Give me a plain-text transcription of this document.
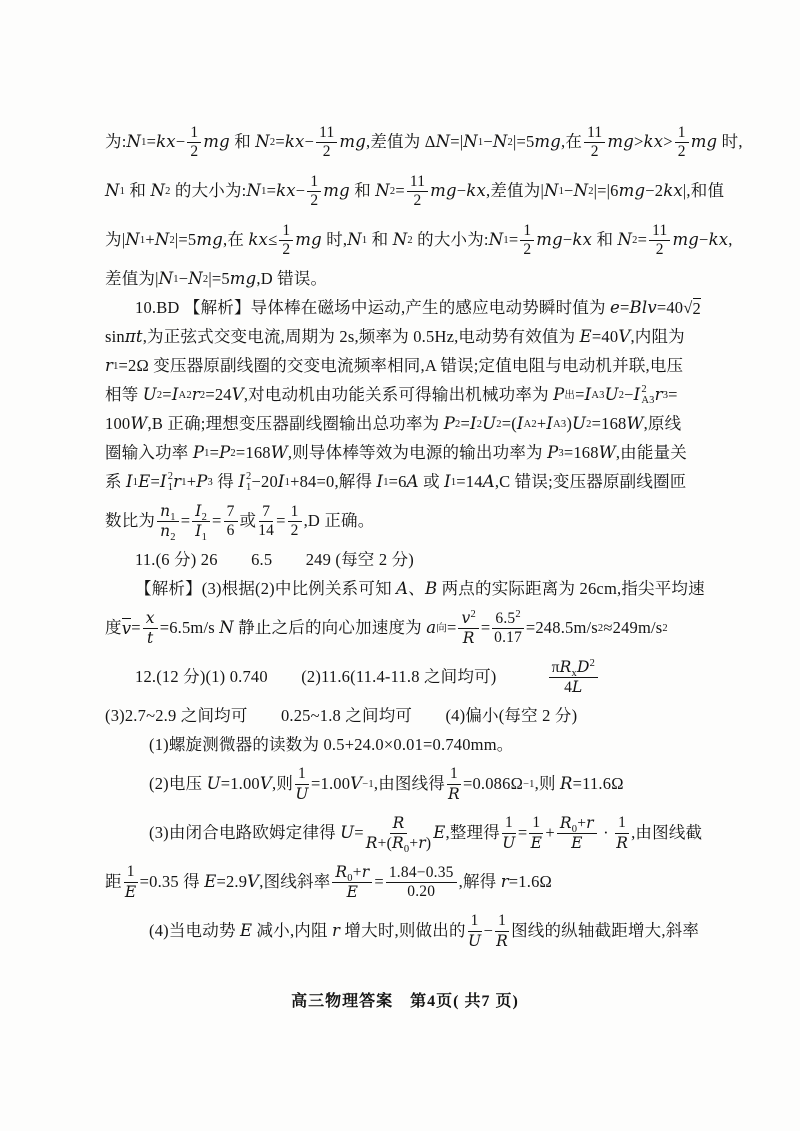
为: N 1 = kx − $\frac{1}{2}$ mg 和 N 2 = kx − $\frac{11}{2}$ mg ,差值为 Δ N =| N 1 − N 2 |=5 mg ,在 $\frac{11}{2}$ mg > kx > $\frac{1}{2}$ mg 时,
N 1 和 N 2 的大小为: N 1 = kx − $\frac{1}{2}$ mg 和 N $2 = \frac{11}{2}$ mg − kx ,差值为| N 1 − N 2 |=|6 mg −2 kx |,和值
为| N 1 + N 2 |=5 mg ,在 kx ≤ $\frac{1}{2}$ mg 时, N 1 和 N 2 的大小为: N $1 = \frac{1}{2}$ mg − kx 和 N $2 = \frac{11}{2}$ mg − kx ,
差值为| N 1 − N 2 |=5 mg ,D 错误。
10.BD 【解析】导体棒在磁场中运动,产生的感应电动势瞬时值为 e = Blv =40√ 2
sin πt ,为正弦式交变电流,周期为 2s,频率为 0.5Hz,电动势有效值为 E =40 V ,内阻为
r 1 =2Ω 变压器原副线圈的交变电流频率相同,A 错误;定值电阻与电动机并联,电压
相等 U 2 = I A2 r 2 =24 V ,对电动机由功能关系可得输出机械功率为 P 出 = I A3 U 2 − I 2
A3 r 3 =
100 W ,B 正确;理想变压器副线圈输出总功率为 P 2 = I 2 U 2 =( I A2 + I A3 ) U 2 =168 W ,原线
圈输入功率 P 1 = P 2 =168 W ,则导体棒等效为电源的输出功率为 P 3 =168 W ,由能量关
系 I 1 E = I 2
1 r 1 + P 3 得 I 2
1 −20 I 1 +84=0,解得 I 1 =6 A 或 I 1 =14 A ,C 错误;变压器原副线圈匝
数比为 $\frac{n_1}{n_2} = \frac{I_2}{I_1} = \frac{7}{6}$ 或 $\frac{7}{14} = \frac{1}{2} ,D$ 正确。
11.(6 分) 26　　6.5　　249 (每空 2 分)
【解析】(3)根据(2)中比例关系可知 A 、 B 两点的实际距离为 26cm,指尖平均速
度 $v = \frac{x}{t} =6.5m/s$ N 静止之后的向心加速度为 a 向 = $\frac{v^2}{R} = \frac{6.5^2}{0.17} =248.5m/s$ 2 ≈249m/s 2
12.(12 分)(1) 0.740　　(2)11.6(11.4-11.8 之间均可)　　　 $\frac{\pi R_xD^2}{4L}$
(3)2.7~2.9 之间均可　　0.25~1.8 之间均可　　(4)偏小(每空 2 分)
(1)螺旋测微器的读数为 0.5+24.0×0.01=0.740mm。
(2)电压 U =1.00 V ,则 $\frac{1}{U} =1.00$ V −1 ,由图线得 $\frac{1}{R} =0.086$ Ω −1 ,则 R =11.6Ω
(3)由闭合电路欧姆定律得 $U = \frac{R}{R+(R_0+r)}$ E ,整理得 $\frac{1}{U} = \frac{1}{E} + \frac{R_0+r}{E} \cdot \frac{1}{R}$ ,由图线截
距 $\frac{1}{E} =0.35$ 得 E =2.9 V ,图线斜率 $\frac{R_0+r}{E} = \frac{1.84-0.35}{0.20}$ ,解得 r =1.6Ω
(4)当电动势 E 减小,内阻 r 增大时,则做出的 $\frac{1}{U} - \frac{1}{R}$ 图线的纵轴截距增大,斜率
高三物理答案　第4页( 共7 页)
